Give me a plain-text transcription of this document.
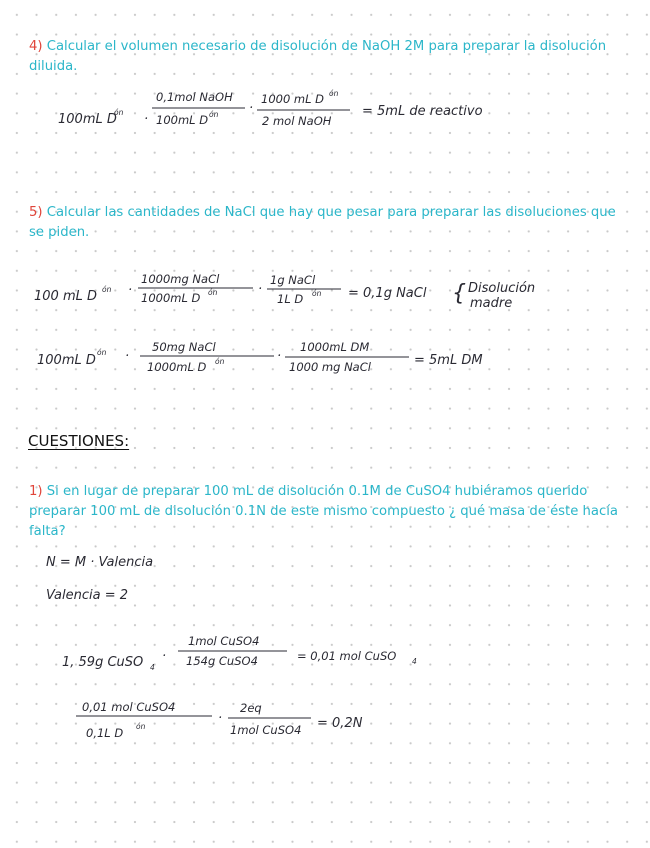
4) Calcular el volumen necesario de disolución de NaOH 2M para preparar la disolución diluida.
5) Calcular las cantidades de NaCl que hay que pesar para preparar las disoluciones que se piden.
CUESTIONES:
1) Si en lugar de preparar 100 mL de disolución 0.1M de CuSO4 hubiéramos querido preparar 100 mL de disolución 0.1N de este mismo compuesto ¿ qué masa de éste hacía falta?
100mL D
ón ·
0,1mol NaOH
100mL D ón ·
1000 mL D ón
2 mol NaOH
= 5mL de reactivo
100 mL D ón ·
1000mg NaCl
1000mL D ón	·
1g NaCl
1L D ón = 0,1g NaCl { Disolución
madre
100mL D
ón ·
50mg NaCl
1000mL D ón	·
1000mL DM
1000 mg NaCl	= 5mL DM
N = M · Valencia
Valencia = 2
1, 59g CuSO 4
·
1mol CuSO4
154g CuSO4	= 0,01 mol CuSO 4
0,01 mol CuSO4
0,1L D ón
·
2eq
1mol CuSO4 = 0,2N
